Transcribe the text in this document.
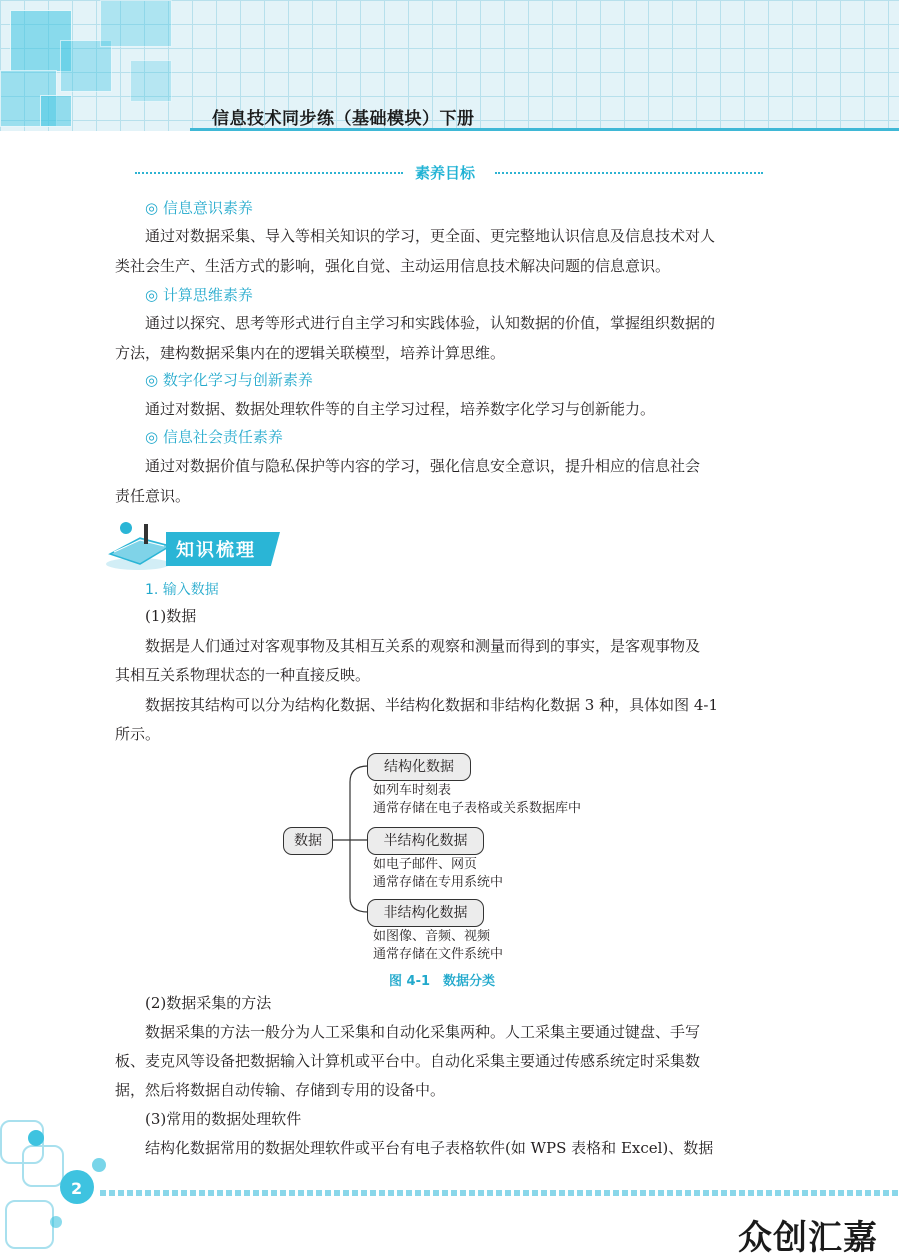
信息技术同步练（基础模块）下册
素养目标
◎ 信息意识素养
通过对数据采集、导入等相关知识的学习，更全面、更完整地认识信息及信息技术对人
类社会生产、生活方式的影响，强化自觉、主动运用信息技术解决问题的信息意识。
◎ 计算思维素养
通过以探究、思考等形式进行自主学习和实践体验，认知数据的价值，掌握组织数据的
方法，建构数据采集内在的逻辑关联模型，培养计算思维。
◎ 数字化学习与创新素养
通过对数据、数据处理软件等的自主学习过程，培养数字化学习与创新能力。
◎ 信息社会责任素养
通过对数据价值与隐私保护等内容的学习，强化信息安全意识，提升相应的信息社会
责任意识。
知识梳理
1. 输入数据
(1)数据
数据是人们通过对客观事物及其相互关系的观察和测量而得到的事实，是客观事物及
其相互关系物理状态的一种直接反映。
数据按其结构可以分为结构化数据、半结构化数据和非结构化数据 3 种，具体如图 4-1
所示。
数据
结构化数据
如列车时刻表
通常存储在电子表格或关系数据库中
半结构化数据
如电子邮件、网页
通常存储在专用系统中
非结构化数据
如图像、音频、视频
通常存储在文件系统中
图 4-1　数据分类
(2)数据采集的方法
数据采集的方法一般分为人工采集和自动化采集两种。人工采集主要通过键盘、手写
板、麦克风等设备把数据输入计算机或平台中。自动化采集主要通过传感系统定时采集数
据，然后将数据自动传输、存储到专用的设备中。
(3)常用的数据处理软件
结构化数据常用的数据处理软件或平台有电子表格软件(如 WPS 表格和 Excel)、数据
2
众创汇嘉
